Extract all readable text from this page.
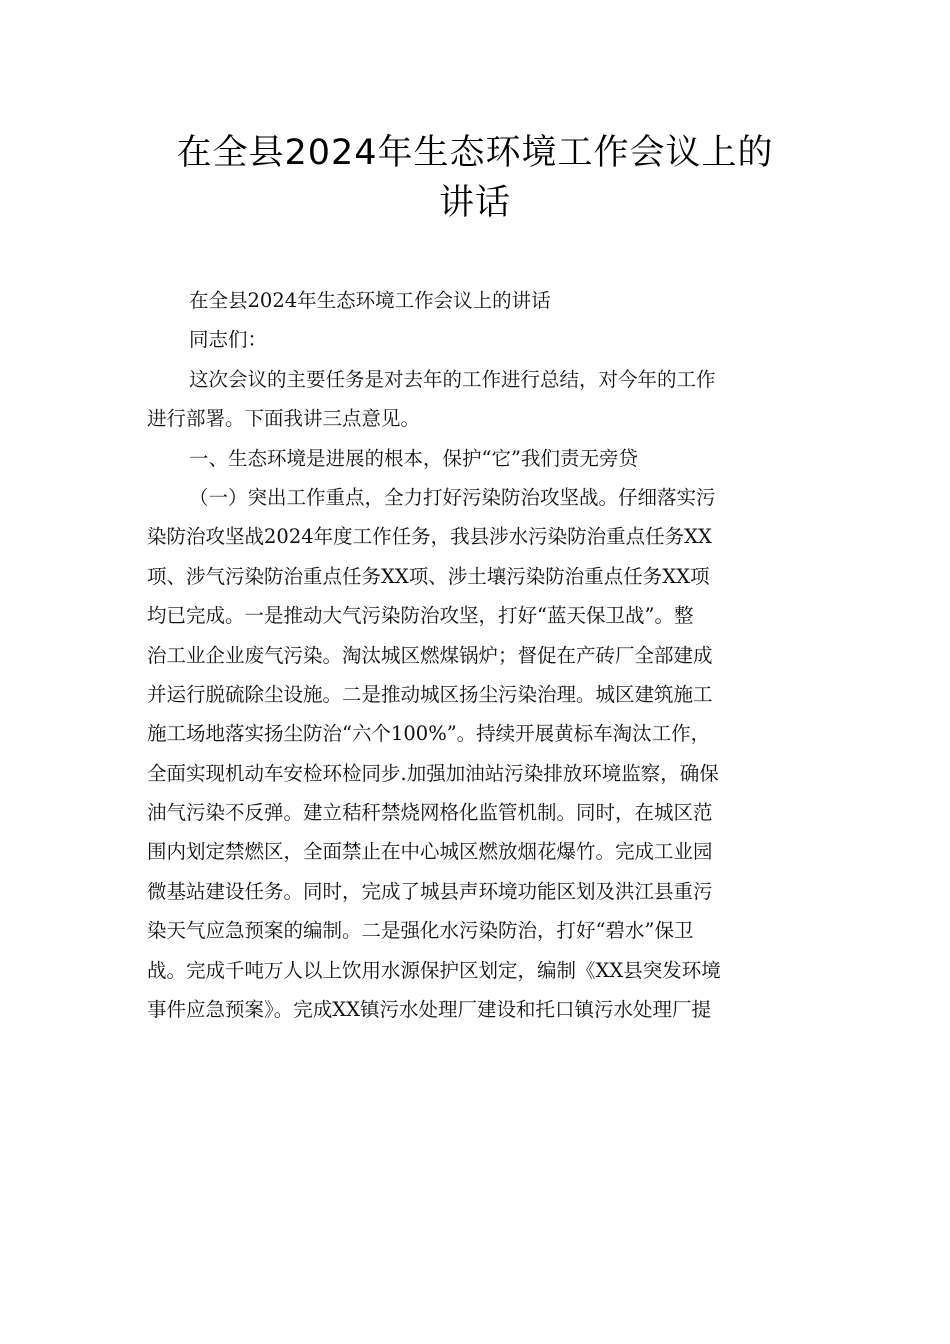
在全县2024年生态环境工作会议上的
讲话
在全县2024年生态环境工作会议上的讲话
同志们：
这次会议的主要任务是对去年的工作进行总结，对今年的工作
进行部署。下面我讲三点意见。
一、生态环境是进展的根本，保护“它”我们责无旁贷
（一）突出工作重点，全力打好污染防治攻坚战。仔细落实污
染防治攻坚战2024年度工作任务，我县涉水污染防治重点任务XX
项、涉气污染防治重点任务XX项、涉土壤污染防治重点任务XX项
均已完成。一是推动大气污染防治攻坚，打好“蓝天保卫战”。整
治工业企业废气污染。淘汰城区燃煤锅炉；督促在产砖厂全部建成
并运行脱硫除尘设施。二是推动城区扬尘污染治理。城区建筑施工
施工场地落实扬尘防治“六个100%”。持续开展黄标车淘汰工作，
全面实现机动车安检环检同步.加强加油站污染排放环境监察，确保
油气污染不反弹。建立秸秆禁烧网格化监管机制。同时，在城区范
围内划定禁燃区，全面禁止在中心城区燃放烟花爆竹。完成工业园
微基站建设任务。同时，完成了城县声环境功能区划及洪江县重污
染天气应急预案的编制。二是强化水污染防治，打好“碧水”保卫
战。完成千吨万人以上饮用水源保护区划定，编制《XX县突发环境
事件应急预案》。完成XX镇污水处理厂建设和托口镇污水处理厂提
